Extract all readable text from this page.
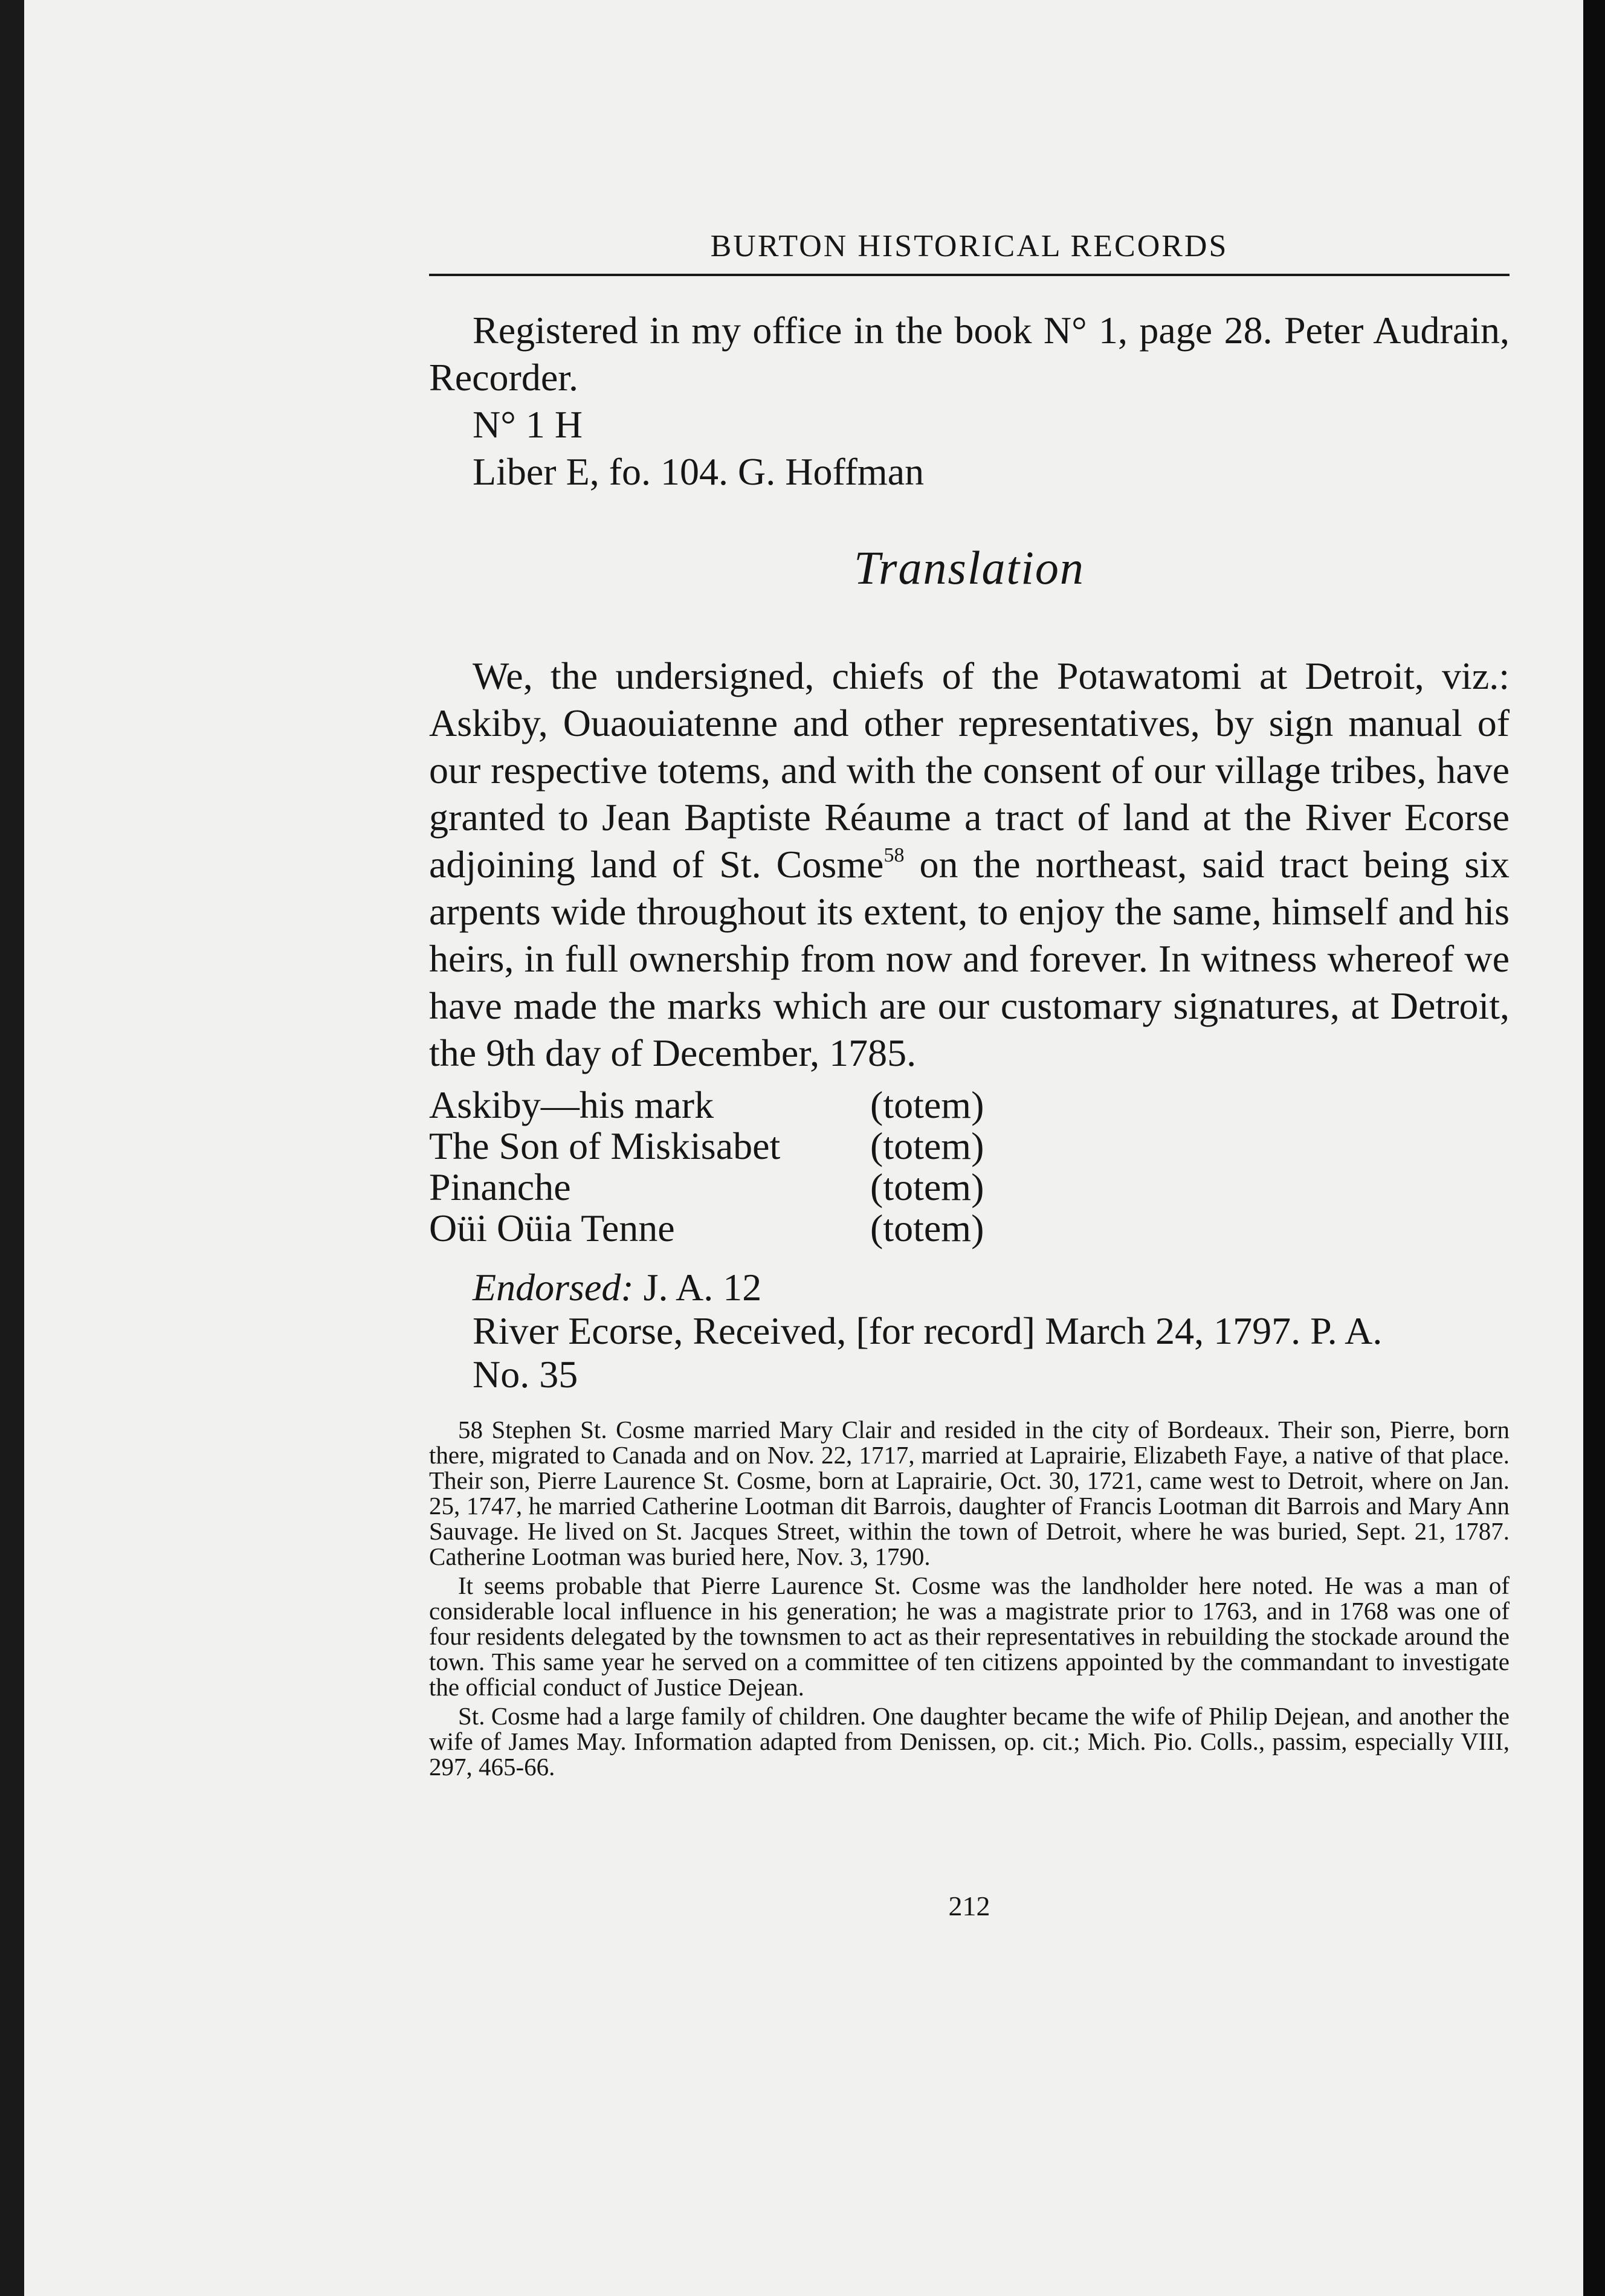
BURTON HISTORICAL RECORDS
Registered in my office in the book N° 1, page 28. Peter Audrain, Recorder.
N° 1 H
Liber E, fo. 104. G. Hoffman
Translation

We, the undersigned, chiefs of the Potawatomi at Detroit, viz.: Askiby, Ouaouiatenne and other representatives, by sign manual of our respective totems, and with the consent of our village tribes, have granted to Jean Baptiste Réaume a tract of land at the River Ecorse adjoining land of St. Cosme$^{58}$ on the northeast, said tract being six arpents wide throughout its extent, to enjoy the same, himself and his heirs, in full ownership from now and forever. In witness whereof we have made the marks which are our customary signatures, at Detroit, the 9th day of December, 1785.

Askiby—his mark	(totem)
The Son of Miskisabet	(totem)
Pinanche	(totem)
Oüi Oüia Tenne	(totem)
Endorsed: J. A. 12
River Ecorse, Received, [for record] March 24, 1797. P. A.
No. 35

58 Stephen St. Cosme married Mary Clair and resided in the city of Bordeaux. Their son, Pierre, born there, migrated to Canada and on Nov. 22, 1717, married at Laprairie, Elizabeth Faye, a native of that place. Their son, Pierre Laurence St. Cosme, born at Laprairie, Oct. 30, 1721, came west to Detroit, where on Jan. 25, 1747, he married Catherine Lootman dit Barrois, daughter of Francis Lootman dit Barrois and Mary Ann Sauvage. He lived on St. Jacques Street, within the town of Detroit, where he was buried, Sept. 21, 1787. Catherine Lootman was buried here, Nov. 3, 1790.

It seems probable that Pierre Laurence St. Cosme was the landholder here noted. He was a man of considerable local influence in his generation; he was a magistrate prior to 1763, and in 1768 was one of four residents delegated by the townsmen to act as their representatives in rebuilding the stockade around the town. This same year he served on a committee of ten citizens appointed by the commandant to investigate the official conduct of Justice Dejean.

St. Cosme had a large family of children. One daughter became the wife of Philip Dejean, and another the wife of James May. Information adapted from Denissen, op. cit.; Mich. Pio. Colls., passim, especially VIII, 297, 465-66.

212
